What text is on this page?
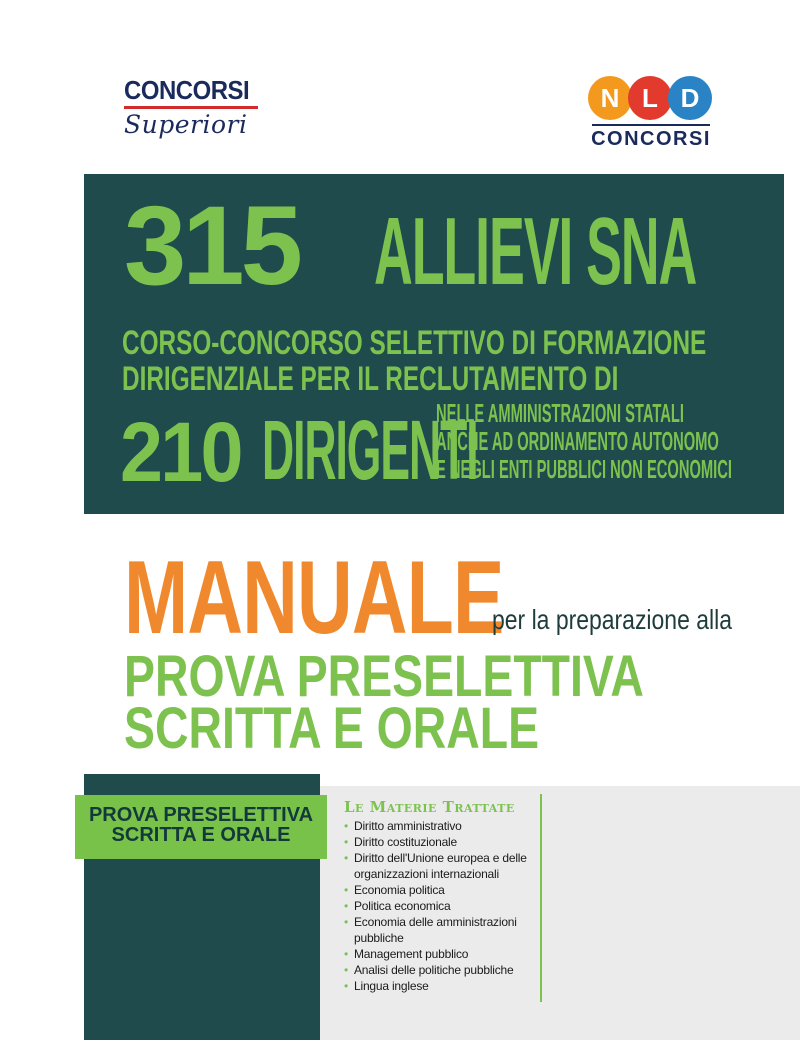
CONCORSI
Superiori
N L D
CONCORSI
315 ALLIEVI SNA
CORSO-CONCORSO SELETTIVO DI FORMAZIONE
DIRIGENZIALE PER IL RECLUTAMENTO DI
210 DIRIGENTI
NELLE AMMINISTRAZIONI STATALI
ANCHE AD ORDINAMENTO AUTONOMO
E NEGLI ENTI PUBBLICI NON ECONOMICI
MANUALE
per la preparazione alla
PROVA PRESELETTIVA
SCRITTA E ORALE
PROVA PRESELETTIVA
SCRITTA E ORALE
Le Materie Trattate
• Diritto amministrativo
• Diritto costituzionale
• Diritto dell'Unione europea e delle organizzazioni internazionali
• Economia politica
• Politica economica
• Economia delle amministrazioni pubbliche
• Management pubblico
• Analisi delle politiche pubbliche
• Lingua inglese
